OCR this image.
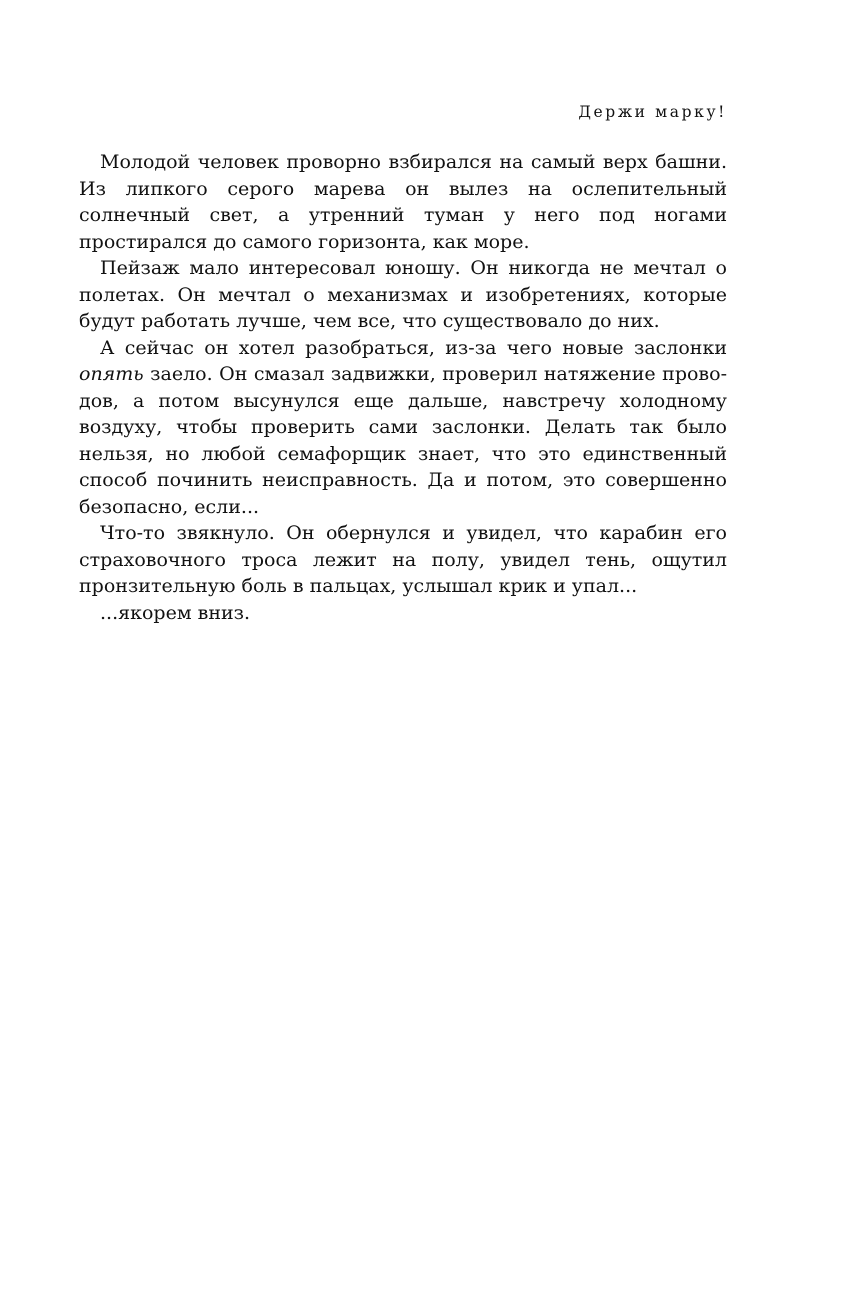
Держи марку!

Молодой человек проворно взбирался на самый верх башни. Из липкого серого марева он вылез на ослепительный солнечный свет, а утренний туман у него под ногами простирался до самого горизонта, как море.

Пейзаж мало интересовал юношу. Он никогда не мечтал о полетах. Он мечтал о механизмах и изобретениях, которые будут работать лучше, чем все, что существовало до них.

А сейчас он хотел разобраться, из-за чего новые заслонки опять заело. Он смазал задвижки, проверил натяжение проводов, а потом высунулся еще дальше, навстречу холодному воздуху, чтобы проверить сами заслонки. Делать так было нельзя, но любой семафорщик знает, что это единственный способ починить неисправность. Да и потом, это совершенно безопасно, если...

Что-то звякнуло. Он обернулся и увидел, что карабин его страховочного троса лежит на полу, увидел тень, ощутил пронзительную боль в пальцах, услышал крик и упал...

...якорем вниз.
